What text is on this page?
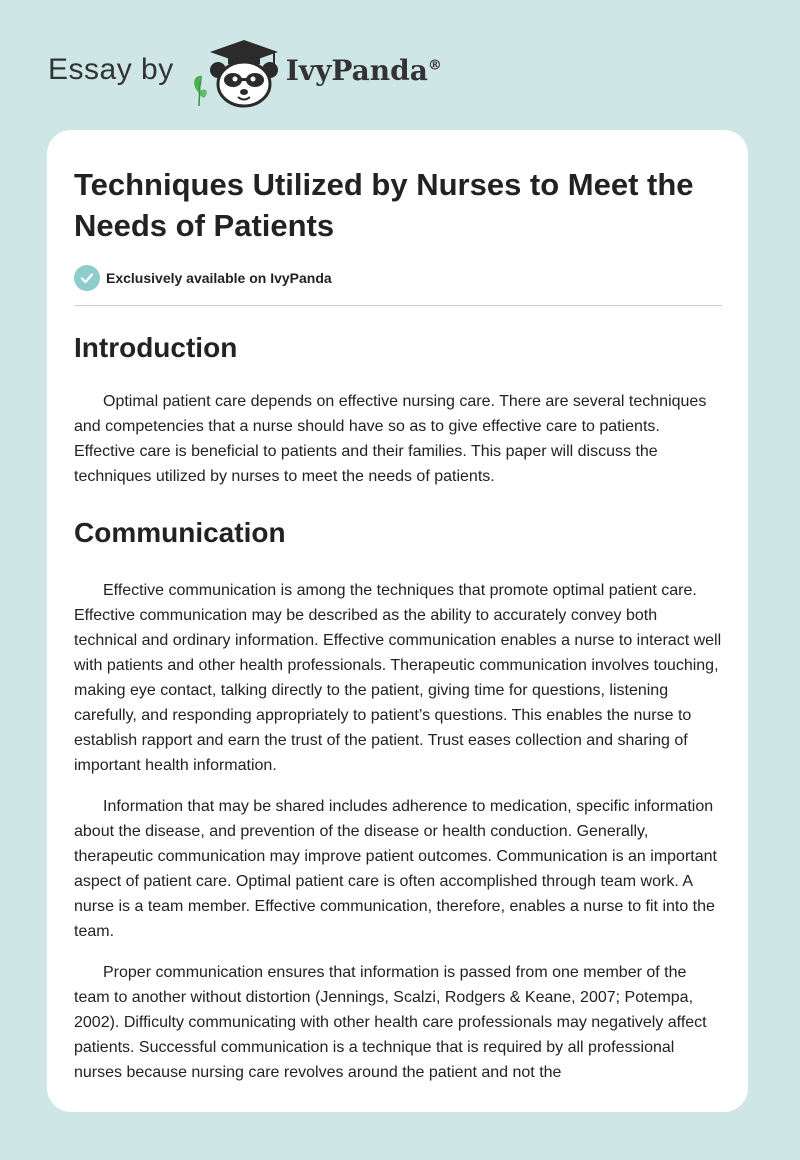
Essay by	IvyPanda®
Techniques Utilized by Nurses to Meet the Needs of Patients
Exclusively available on IvyPanda
Introduction

Optimal patient care depends on effective nursing care. There are several techniques and competencies that a nurse should have so as to give effective care to patients. Effective care is beneficial to patients and their families. This paper will discuss the techniques utilized by nurses to meet the needs of patients.

Communication

Effective communication is among the techniques that promote optimal patient care. Effective communication may be described as the ability to accurately convey both technical and ordinary information. Effective communication enables a nurse to interact well with patients and other health professionals. Therapeutic communication involves touching, making eye contact, talking directly to the patient, giving time for questions, listening carefully, and responding appropriately to patient’s questions. This enables the nurse to establish rapport and earn the trust of the patient. Trust eases collection and sharing of important health information.

Information that may be shared includes adherence to medication, specific information about the disease, and prevention of the disease or health conduction. Generally, therapeutic communication may improve patient outcomes. Communication is an important aspect of patient care. Optimal patient care is often accomplished through team work. A nurse is a team member. Effective communication, therefore, enables a nurse to fit into the team.

Proper communication ensures that information is passed from one member of the team to another without distortion (Jennings, Scalzi, Rodgers & Keane, 2007; Potempa, 2002). Difficulty communicating with other health care professionals may negatively affect patients. Successful communication is a technique that is required by all professional nurses because nursing care revolves around the patient and not the
